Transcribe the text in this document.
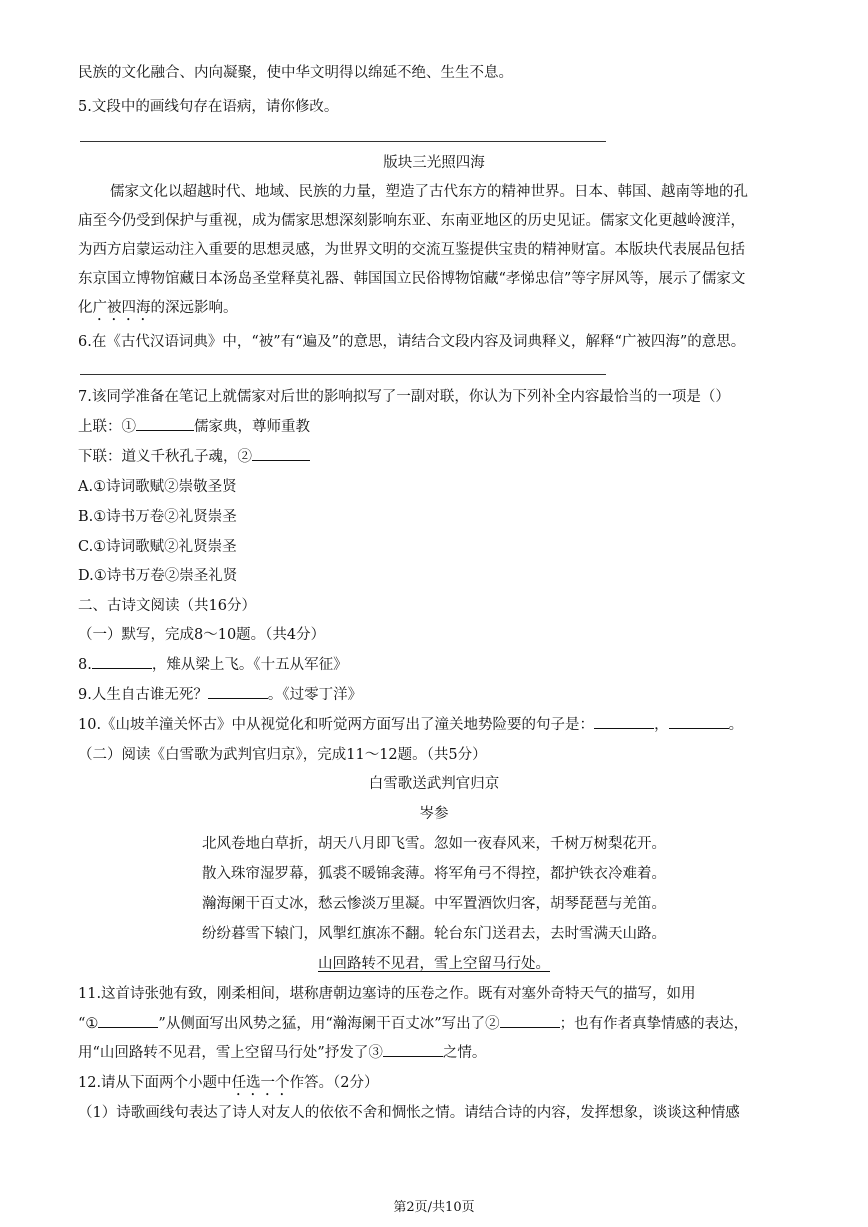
民族的文化融合、内向凝聚，使中华文明得以绵延不绝、生生不息。
5.文段中的画线句存在语病，请你修改。
版块三光照四海
儒家文化以超越时代、地域、民族的力量，塑造了古代东方的精神世界。日本、韩国、越南等地的孔
庙至今仍受到保护与重视，成为儒家思想深刻影响东亚、东南亚地区的历史见证。儒家文化更越岭渡洋，
为西方启蒙运动注入重要的思想灵感，为世界文明的交流互鉴提供宝贵的精神财富。本版块代表展品包括
东京国立博物馆藏日本汤岛圣堂释莫礼器、韩国国立民俗博物馆藏“孝悌忠信”等字屏风等，展示了儒家文
化广被四海的深远影响。
6.在《古代汉语词典》中，“被”有“遍及”的意思，请结合文段内容及词典释义，解释“广被四海”的意思。
7.该同学准备在笔记上就儒家对后世的影响拟写了一副对联，你认为下列补全内容最恰当的一项是（）
上联：①	儒家典，尊师重教
下联：道义千秋孔子魂，②
A.①诗词歌赋②崇敬圣贤
B.①诗书万卷②礼贤崇圣
C.①诗词歌赋②礼贤崇圣
D.①诗书万卷②崇圣礼贤
二、古诗文阅读（共16分）
（一）默写，完成8～10题。（共4分）
8.	，雉从梁上飞。《十五从军征》
9.人生自古谁无死？	。《过零丁洋》
10.《山坡羊潼关怀古》中从视觉化和听觉两方面写出了潼关地势险要的句子是：	，	。
（二）阅读《白雪歌为武判官归京》，完成11～12题。（共5分）
白雪歌送武判官归京
岑参
北风卷地白草折，胡天八月即飞雪。忽如一夜春风来，千树万树梨花开。
散入珠帘湿罗幕，狐裘不暖锦衾薄。将军角弓不得控，都护铁衣冷难着。
瀚海阑干百丈冰，愁云惨淡万里凝。中军置酒饮归客，胡琴琵琶与羌笛。
纷纷暮雪下辕门，风掣红旗冻不翻。轮台东门送君去，去时雪满天山路。
山回路转不见君，雪上空留马行处。
11.这首诗张弛有致，刚柔相间，堪称唐朝边塞诗的压卷之作。既有对塞外奇特天气的描写，如用
“①	”从侧面写出风势之猛，用“瀚海阑干百丈冰”写出了②	；也有作者真挚情感的表达，
用“山回路转不见君，雪上空留马行处”抒发了③	之情。
12.请从下面两个小题中任选一个作答。（2分）
（1）诗歌画线句表达了诗人对友人的依依不舍和惆怅之情。请结合诗的内容，发挥想象，谈谈这种情感
第2页/共10页
